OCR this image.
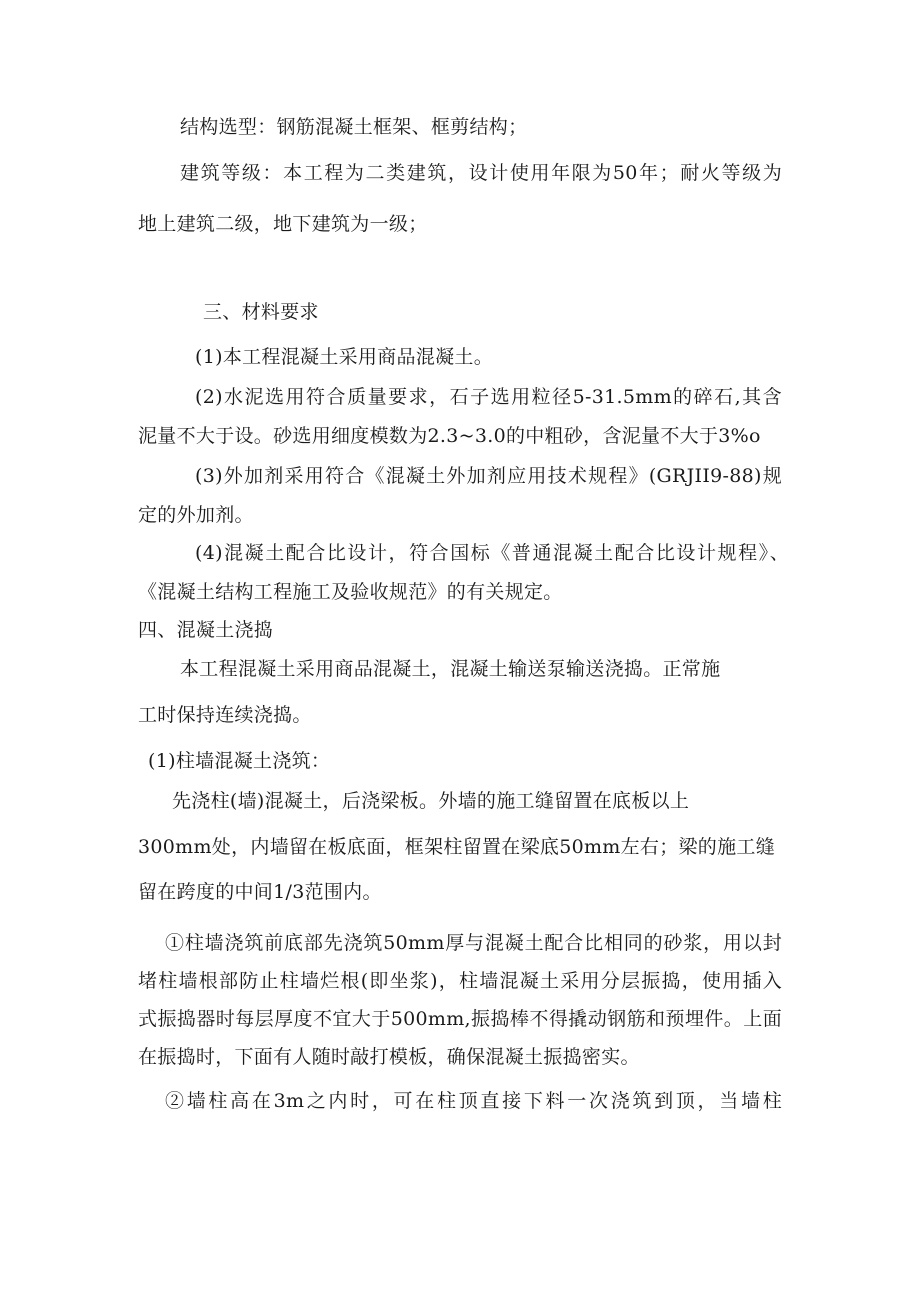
结构选型：钢筋混凝土框架、框剪结构；
建筑等级：本工程为二类建筑，设计使用年限为50年；耐火等级为
地上建筑二级，地下建筑为一级；
三、材料要求
(1)本工程混凝土采用商品混凝土。
(2)水泥选用符合质量要求，石子选用粒径5-31.5mm的碎石,其含
泥量不大于设。砂选用细度模数为2.3~3.0的中粗砂，含泥量不大于3%o
(3)外加剂采用符合《混凝土外加剂应用技术规程》(GRJII9-88)规
定的外加剂。
(4)混凝土配合比设计，符合国标《普通混凝土配合比设计规程》、
《混凝土结构工程施工及验收规范》的有关规定。
四、混凝土浇捣
本工程混凝土采用商品混凝土，混凝土输送泵输送浇捣。正常施
工时保持连续浇捣。
(1)柱墙混凝土浇筑：
先浇柱(墙)混凝土，后浇梁板。外墙的施工缝留置在底板以上
300mm处，内墙留在板底面，框架柱留置在梁底50mm左右；梁的施工缝
留在跨度的中间1/3范围内。
①柱墙浇筑前底部先浇筑50mm厚与混凝土配合比相同的砂浆，用以封
堵柱墙根部防止柱墙烂根(即坐浆)，柱墙混凝土采用分层振捣，使用插入
式振捣器时每层厚度不宜大于500mm,振捣棒不得撬动钢筋和预埋件。上面
在振捣时，下面有人随时敲打模板，确保混凝土振捣密实。
②墙柱高在3m之内时，可在柱顶直接下料一次浇筑到顶，当墙柱
